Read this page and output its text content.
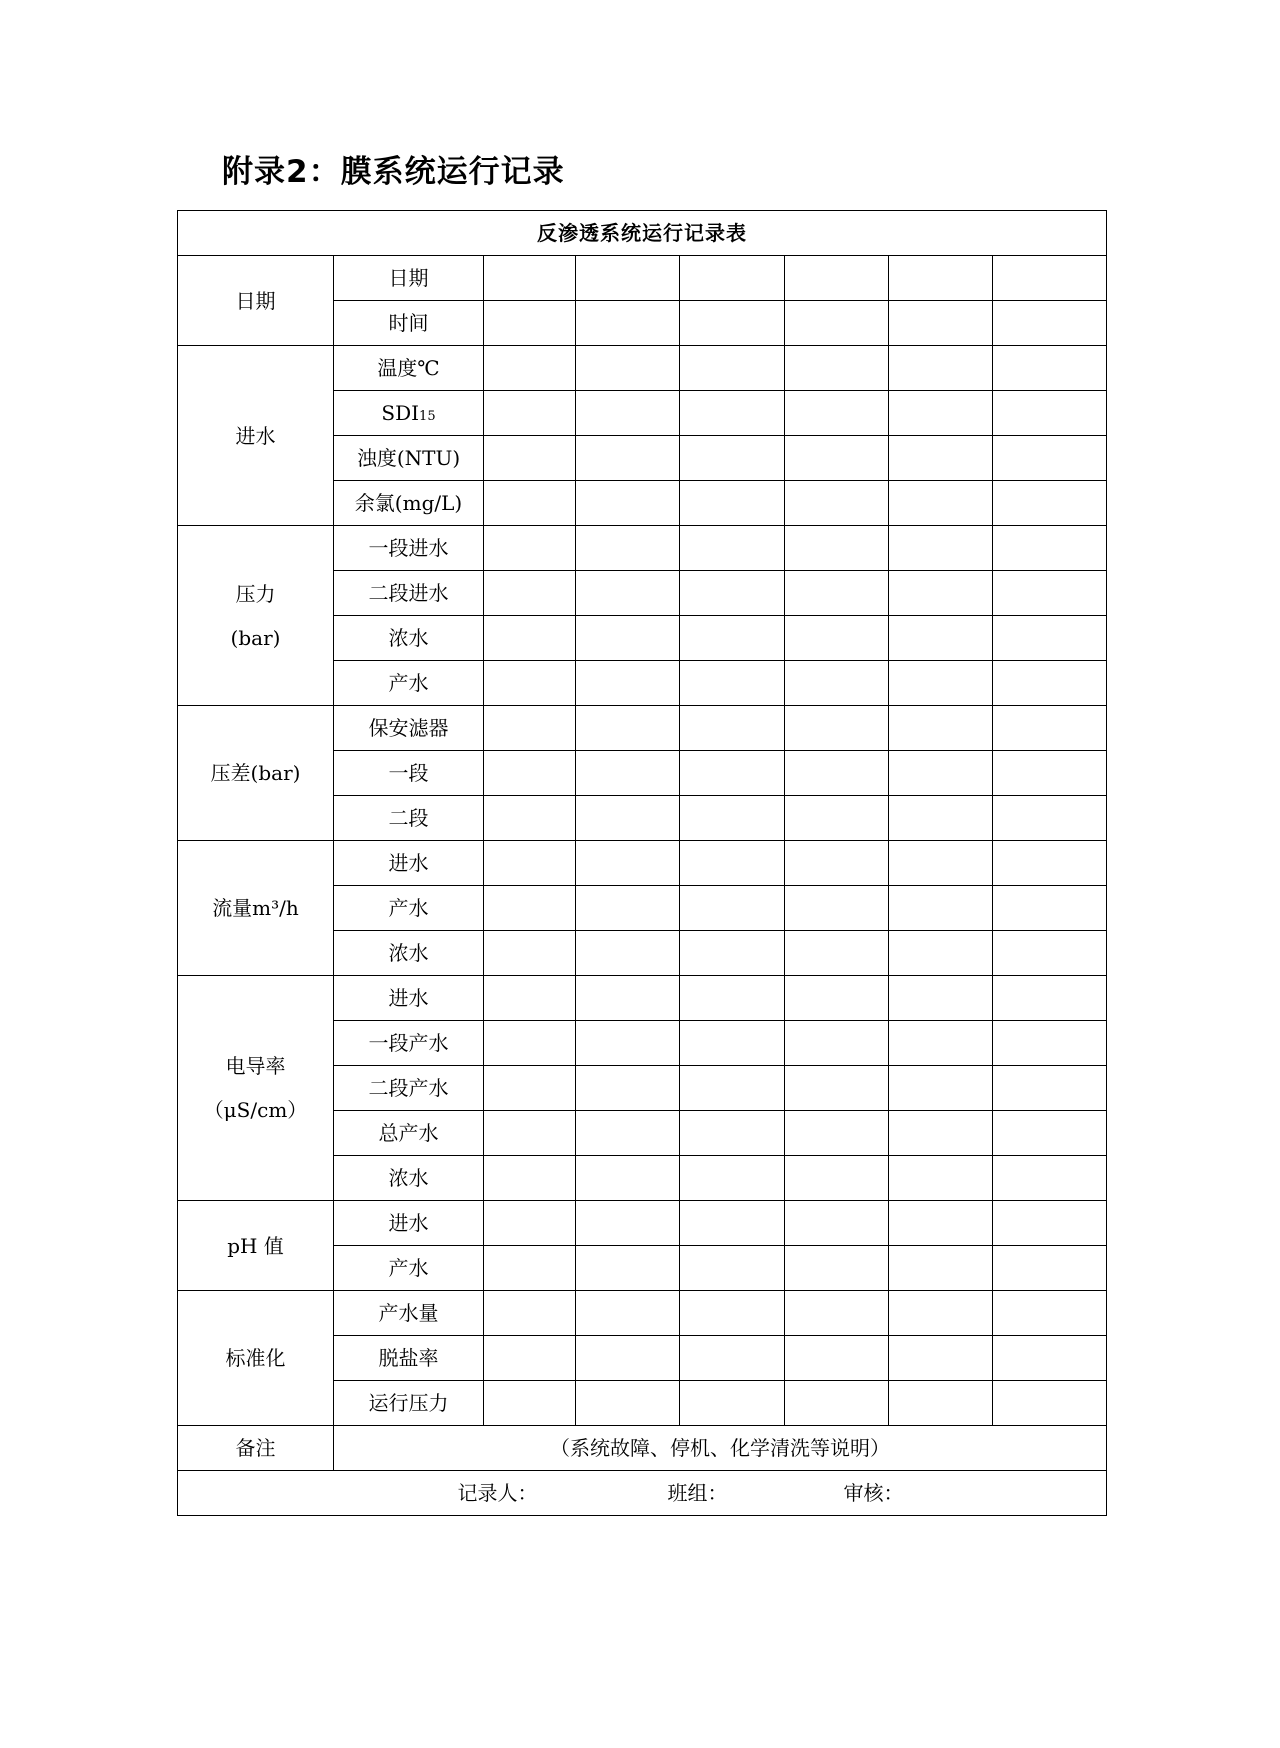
附录2：膜系统运行记录
反渗透系统运行记录表							
日期	日期						
	时间						
进水	温度℃						
	SDI15						
	浊度(NTU)						
	余氯(mg/L)						
压力
(bar)	一段进水						
	二段进水						
	浓水						
	产水						
压差(bar)	保安滤器						
	一段						
	二段						
流量m³/h	进水						
	产水						
	浓水						
电导率
（μS/cm）	进水						
	一段产水						
	二段产水						
	总产水						
	浓水						
pH 值	进水						
	产水						
标准化	产水量						
	脱盐率						
	运行压力						
备注	（系统故障、停机、化学清洗等说明）						
记录人： 班组： 审核：							
